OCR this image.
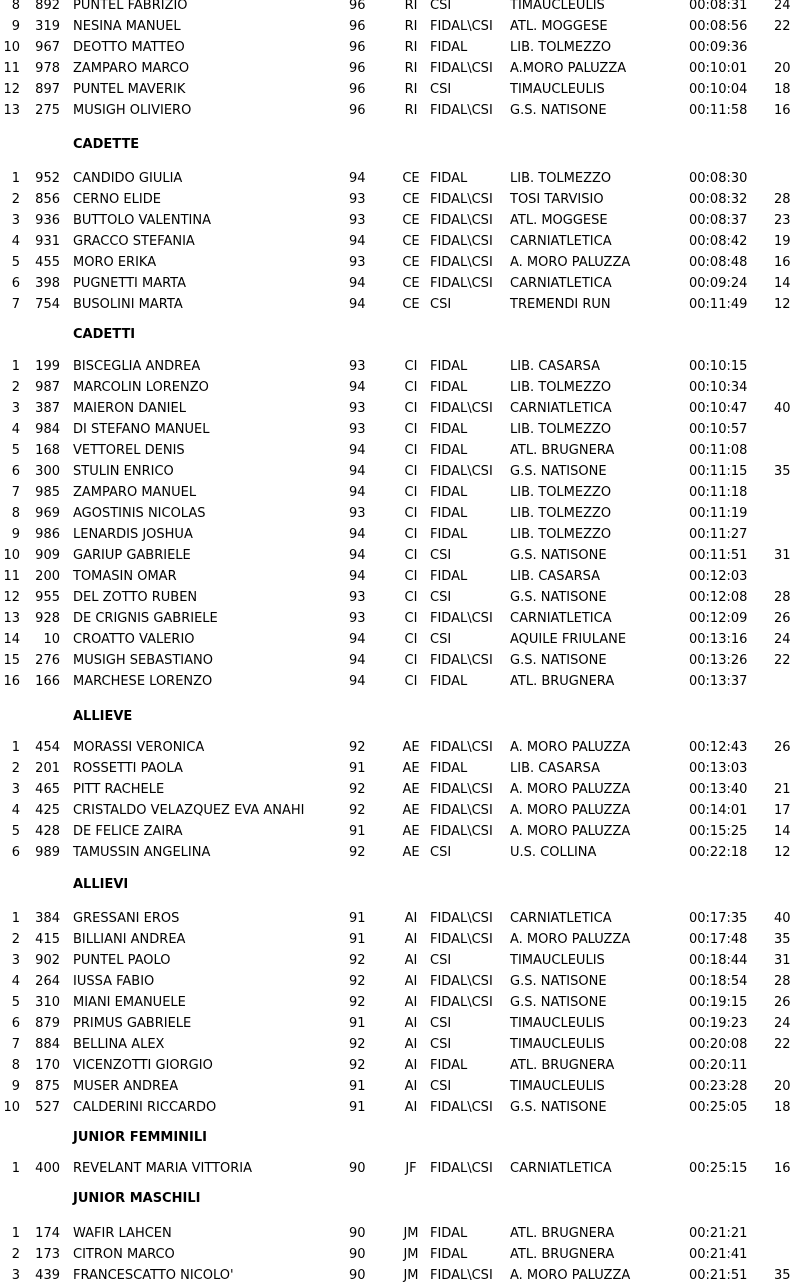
8	892 PUNTEL FABRIZIO	96	RI CSI	TIMAUCLEULIS	00:08:31 24
9	319 NESINA MANUEL	96	RI FIDAL\CSI ATL. MOGGESE	00:08:56 22
10	967 DEOTTO MATTEO	96	RI FIDAL	LIB. TOLMEZZO	00:09:36
11	978 ZAMPARO MARCO	96	RI FIDAL\CSI A.MORO PALUZZA	00:10:01 20
12	897 PUNTEL MAVERIK	96	RI CSI	TIMAUCLEULIS	00:10:04 18
13	275 MUSIGH OLIVIERO	96	RI FIDAL\CSI G.S. NATISONE	00:11:58 16
CADETTE
1	952 CANDIDO GIULIA	94	CE FIDAL	LIB. TOLMEZZO	00:08:30
2	856 CERNO ELIDE	93	CE FIDAL\CSI TOSI TARVISIO	00:08:32 28
3	936 BUTTOLO VALENTINA	93	CE FIDAL\CSI ATL. MOGGESE	00:08:37 23
4	931 GRACCO STEFANIA	94	CE FIDAL\CSI CARNIATLETICA	00:08:42 19
5	455 MORO ERIKA	93	CE FIDAL\CSI A. MORO PALUZZA	00:08:48 16
6	398 PUGNETTI MARTA	94	CE FIDAL\CSI CARNIATLETICA	00:09:24 14
7	754 BUSOLINI MARTA	94	CE CSI	TREMENDI RUN	00:11:49 12
CADETTI
1	199 BISCEGLIA ANDREA	93	CI FIDAL	LIB. CASARSA	00:10:15
2	987 MARCOLIN LORENZO	94	CI FIDAL	LIB. TOLMEZZO	00:10:34
3	387 MAIERON DANIEL	93	CI FIDAL\CSI CARNIATLETICA	00:10:47 40
4	984 DI STEFANO MANUEL	93	CI FIDAL	LIB. TOLMEZZO	00:10:57
5	168 VETTOREL DENIS	94	CI FIDAL	ATL. BRUGNERA	00:11:08
6	300 STULIN ENRICO	94	CI FIDAL\CSI G.S. NATISONE	00:11:15 35
7	985 ZAMPARO MANUEL	94	CI FIDAL	LIB. TOLMEZZO	00:11:18
8	969 AGOSTINIS NICOLAS	93	CI FIDAL	LIB. TOLMEZZO	00:11:19
9	986 LENARDIS JOSHUA	94	CI FIDAL	LIB. TOLMEZZO	00:11:27
10	909 GARIUP GABRIELE	94	CI CSI	G.S. NATISONE	00:11:51 31
11	200 TOMASIN OMAR	94	CI FIDAL	LIB. CASARSA	00:12:03
12	955 DEL ZOTTO RUBEN	93	CI CSI	G.S. NATISONE	00:12:08 28
13	928 DE CRIGNIS GABRIELE	93	CI FIDAL\CSI CARNIATLETICA	00:12:09 26
14	10 CROATTO VALERIO	94	CI CSI	AQUILE FRIULANE	00:13:16 24
15	276 MUSIGH SEBASTIANO	94	CI FIDAL\CSI G.S. NATISONE	00:13:26 22
16	166 MARCHESE LORENZO	94	CI FIDAL	ATL. BRUGNERA	00:13:37
ALLIEVE
1	454 MORASSI VERONICA	92	AE FIDAL\CSI A. MORO PALUZZA	00:12:43 26
2	201 ROSSETTI PAOLA	91	AE FIDAL	LIB. CASARSA	00:13:03
3	465 PITT RACHELE	92	AE FIDAL\CSI A. MORO PALUZZA	00:13:40 21
4	425 CRISTALDO VELAZQUEZ EVA ANAHI	92	AE FIDAL\CSI A. MORO PALUZZA	00:14:01 17
5	428 DE FELICE ZAIRA	91	AE FIDAL\CSI A. MORO PALUZZA	00:15:25 14
6	989 TAMUSSIN ANGELINA	92	AE CSI	U.S. COLLINA	00:22:18 12
ALLIEVI
1	384 GRESSANI EROS	91	AI FIDAL\CSI CARNIATLETICA	00:17:35 40
2	415 BILLIANI ANDREA	91	AI FIDAL\CSI A. MORO PALUZZA	00:17:48 35
3	902 PUNTEL PAOLO	92	AI CSI	TIMAUCLEULIS	00:18:44 31
4	264 IUSSA FABIO	92	AI FIDAL\CSI G.S. NATISONE	00:18:54 28
5	310 MIANI EMANUELE	92	AI FIDAL\CSI G.S. NATISONE	00:19:15 26
6	879 PRIMUS GABRIELE	91	AI CSI	TIMAUCLEULIS	00:19:23 24
7	884 BELLINA ALEX	92	AI CSI	TIMAUCLEULIS	00:20:08 22
8	170 VICENZOTTI GIORGIO	92	AI FIDAL	ATL. BRUGNERA	00:20:11
9	875 MUSER ANDREA	91	AI CSI	TIMAUCLEULIS	00:23:28 20
10	527 CALDERINI RICCARDO	91	AI FIDAL\CSI G.S. NATISONE	00:25:05 18
JUNIOR FEMMINILI
1	400 REVELANT MARIA VITTORIA	90	JF	FIDAL\CSI CARNIATLETICA	00:25:15 16
JUNIOR MASCHILI
1	174 WAFIR LAHCEN	90	JM FIDAL	ATL. BRUGNERA	00:21:21
2	173 CITRON MARCO	90	JM FIDAL	ATL. BRUGNERA	00:21:41
3	439 FRANCESCATTO NICOLO'	90	JM FIDAL\CSI A. MORO PALUZZA	00:21:51 35
